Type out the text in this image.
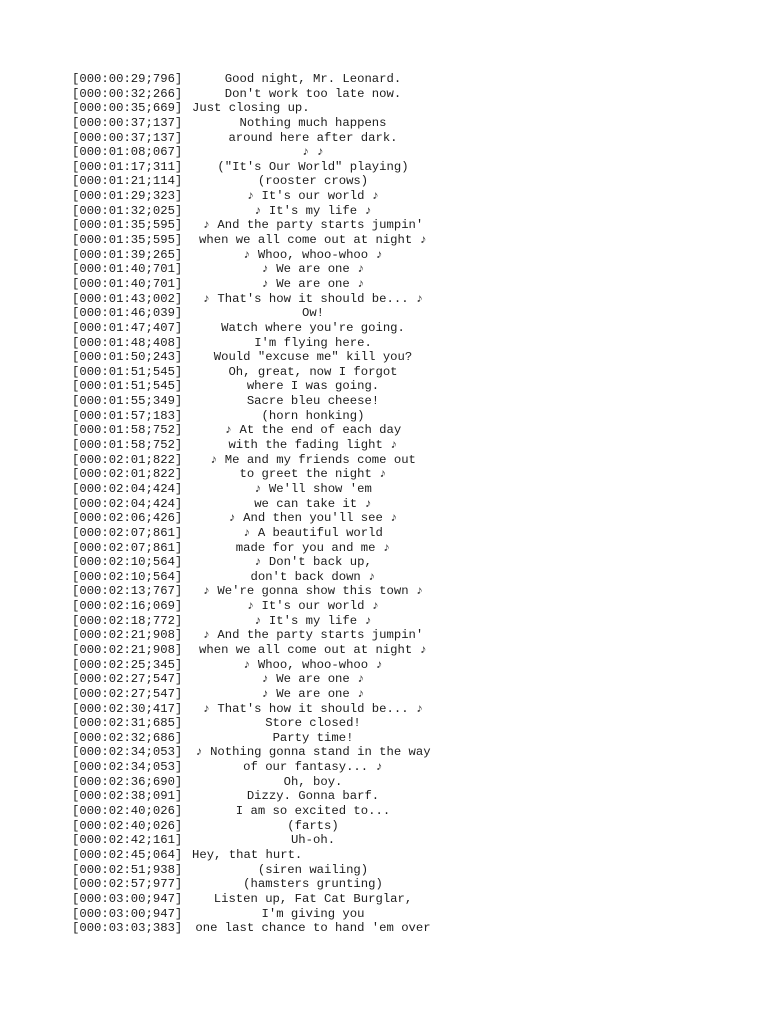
[000:00:29;796]	Good night, Mr. Leonard.
[000:00:32;266]	Don't work too late now.
[000:00:35;669] Just closing up.
[000:00:37;137]	Nothing much happens
[000:00:37;137]	around here after dark.
[000:01:08;067]	♪ ♪
[000:01:17;311]	("It's Our World" playing)
[000:01:21;114]	(rooster crows)
[000:01:29;323]	♪ It's our world ♪
[000:01:32;025]	♪ It's my life ♪
[000:01:35;595]	♪ And the party starts jumpin'
[000:01:35;595]	when we all come out at night ♪
[000:01:39;265]	♪ Whoo, whoo-whoo ♪
[000:01:40;701]	♪ We are one ♪
[000:01:40;701]	♪ We are one ♪
[000:01:43;002]	♪ That's how it should be... ♪
[000:01:46;039]	Ow!
[000:01:47;407]	Watch where you're going.
[000:01:48;408]	I'm flying here.
[000:01:50;243]	Would "excuse me" kill you?
[000:01:51;545]	Oh, great, now I forgot
[000:01:51;545]	where I was going.
[000:01:55;349]	Sacre bleu cheese!
[000:01:57;183]	(horn honking)
[000:01:58;752]	♪ At the end of each day
[000:01:58;752]	with the fading light ♪
[000:02:01;822]	♪ Me and my friends come out
[000:02:01;822]	to greet the night ♪
[000:02:04;424]	♪ We'll show 'em
[000:02:04;424]	we can take it ♪
[000:02:06;426]	♪ And then you'll see ♪
[000:02:07;861]	♪ A beautiful world
[000:02:07;861]	made for you and me ♪
[000:02:10;564]	♪ Don't back up,
[000:02:10;564]	don't back down ♪
[000:02:13;767]	♪ We're gonna show this town ♪
[000:02:16;069]	♪ It's our world ♪
[000:02:18;772]	♪ It's my life ♪
[000:02:21;908]	♪ And the party starts jumpin'
[000:02:21;908]	when we all come out at night ♪
[000:02:25;345]	♪ Whoo, whoo-whoo ♪
[000:02:27;547]	♪ We are one ♪
[000:02:27;547]	♪ We are one ♪
[000:02:30;417]	♪ That's how it should be... ♪
[000:02:31;685]	Store closed!
[000:02:32;686]	Party time!
[000:02:34;053]	♪ Nothing gonna stand in the way
[000:02:34;053]	of our fantasy... ♪
[000:02:36;690]	Oh, boy.
[000:02:38;091]	Dizzy. Gonna barf.
[000:02:40;026]	I am so excited to...
[000:02:40;026]	(farts)
[000:02:42;161]	Uh-oh.
[000:02:45;064] Hey, that hurt.
[000:02:51;938]	(siren wailing)
[000:02:57;977]	(hamsters grunting)
[000:03:00;947]	Listen up, Fat Cat Burglar,
[000:03:00;947]	I'm giving you
[000:03:03;383]	one last chance to hand 'em over
